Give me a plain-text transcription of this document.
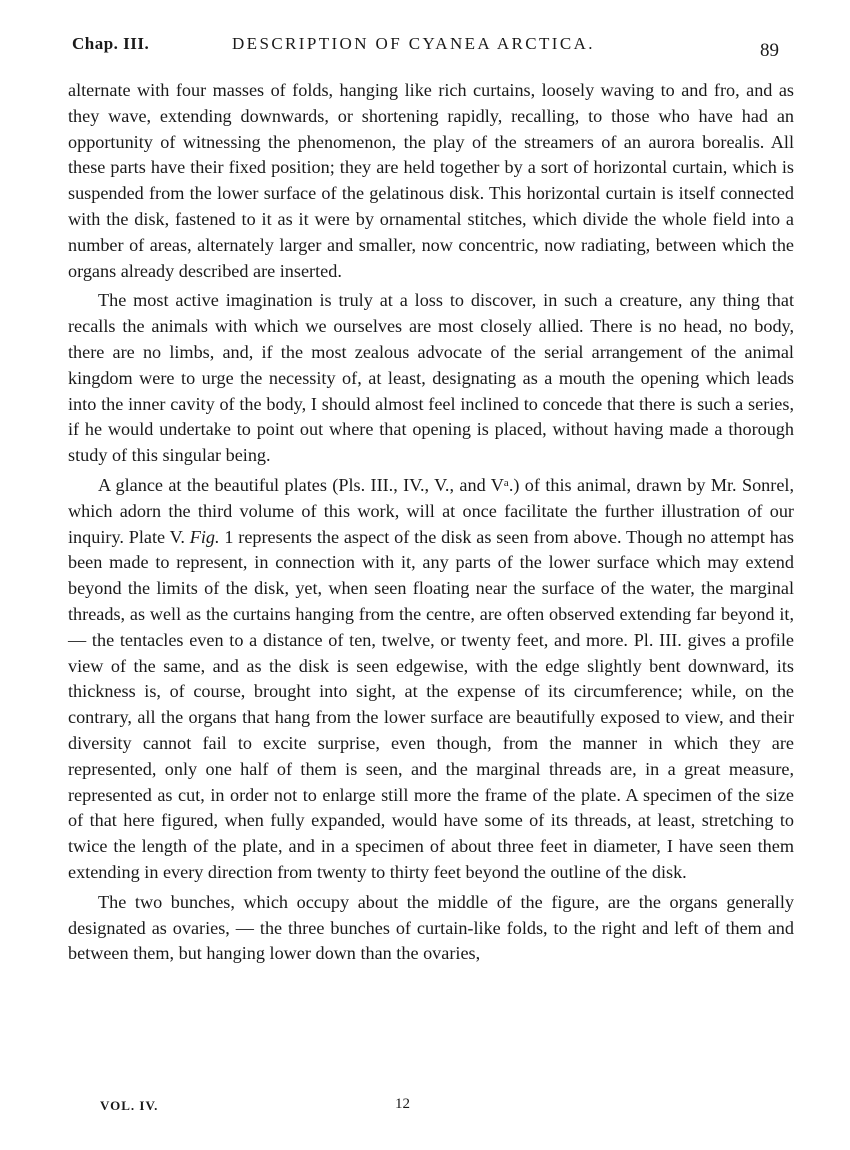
Chap. III.	DESCRIPTION OF CYANEA ARCTICA.	89

alternate with four masses of folds, hanging like rich curtains, loosely waving to and fro, and as they wave, extending downwards, or shortening rapidly, recalling, to those who have had an opportunity of witnessing the phenomenon, the play of the streamers of an aurora borealis. All these parts have their fixed position; they are held together by a sort of horizontal curtain, which is suspended from the lower surface of the gelatinous disk. This horizontal curtain is itself connected with the disk, fastened to it as it were by ornamental stitches, which divide the whole field into a number of areas, alternately larger and smaller, now concentric, now radiating, between which the organs already described are inserted.

The most active imagination is truly at a loss to discover, in such a creature, any thing that recalls the animals with which we ourselves are most closely allied. There is no head, no body, there are no limbs, and, if the most zealous advocate of the serial arrangement of the animal kingdom were to urge the necessity of, at least, designating as a mouth the opening which leads into the inner cavity of the body, I should almost feel inclined to concede that there is such a series, if he would undertake to point out where that opening is placed, without having made a thorough study of this singular being.

A glance at the beautiful plates (Pls. III., IV., V., and Vᵃ.) of this animal, drawn by Mr. Sonrel, which adorn the third volume of this work, will at once facilitate the further illustration of our inquiry. Plate V. Fig. 1 represents the aspect of the disk as seen from above. Though no attempt has been made to represent, in connection with it, any parts of the lower surface which may extend beyond the limits of the disk, yet, when seen floating near the surface of the water, the marginal threads, as well as the curtains hanging from the centre, are often observed extending far beyond it, — the tentacles even to a distance of ten, twelve, or twenty feet, and more. Pl. III. gives a profile view of the same, and as the disk is seen edgewise, with the edge slightly bent downward, its thickness is, of course, brought into sight, at the expense of its circumference; while, on the contrary, all the organs that hang from the lower surface are beautifully exposed to view, and their diversity cannot fail to excite surprise, even though, from the manner in which they are represented, only one half of them is seen, and the marginal threads are, in a great measure, represented as cut, in order not to enlarge still more the frame of the plate. A specimen of the size of that here figured, when fully expanded, would have some of its threads, at least, stretching to twice the length of the plate, and in a specimen of about three feet in diameter, I have seen them extending in every direction from twenty to thirty feet beyond the outline of the disk.

The two bunches, which occupy about the middle of the figure, are the organs generally designated as ovaries, — the three bunches of curtain-like folds, to the right and left of them and between them, but hanging lower down than the ovaries,

VOL. IV.	12
